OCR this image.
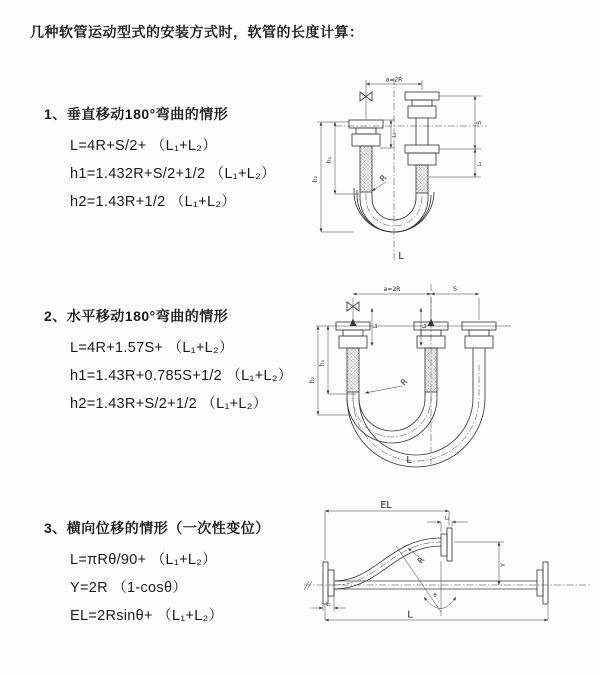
几种软管运动型式的安装方式时，软管的长度计算：
1、垂直移动180°弯曲的情形
L=4R+S/2+ （L₁+L₂）
h1=1.432R+S/2+1/2 （L₁+L₂）
h2=1.43R+1/2 （L₁+L₂）
2、水平移动180°弯曲的情形
L=4R+1.57S+ （L₁+L₂）
h1=1.43R+0.785S+1/2 （L₁+L₂）
h2=1.43R+S/2+1/2 （L₁+L₂）
3、横向位移的情形（一次性变位）
L=πRθ/90+ （L₁+L₂）
Y=2R （1-cosθ）
EL=2Rsinθ+ （L₁+L₂）
a=2R
h₁
h₂
L₁
S
L₂
R
L
a=2R	S
h₁
h₂
L₁	L₂
R
L
EL
L₂
Y
θ
R
L₁
L
